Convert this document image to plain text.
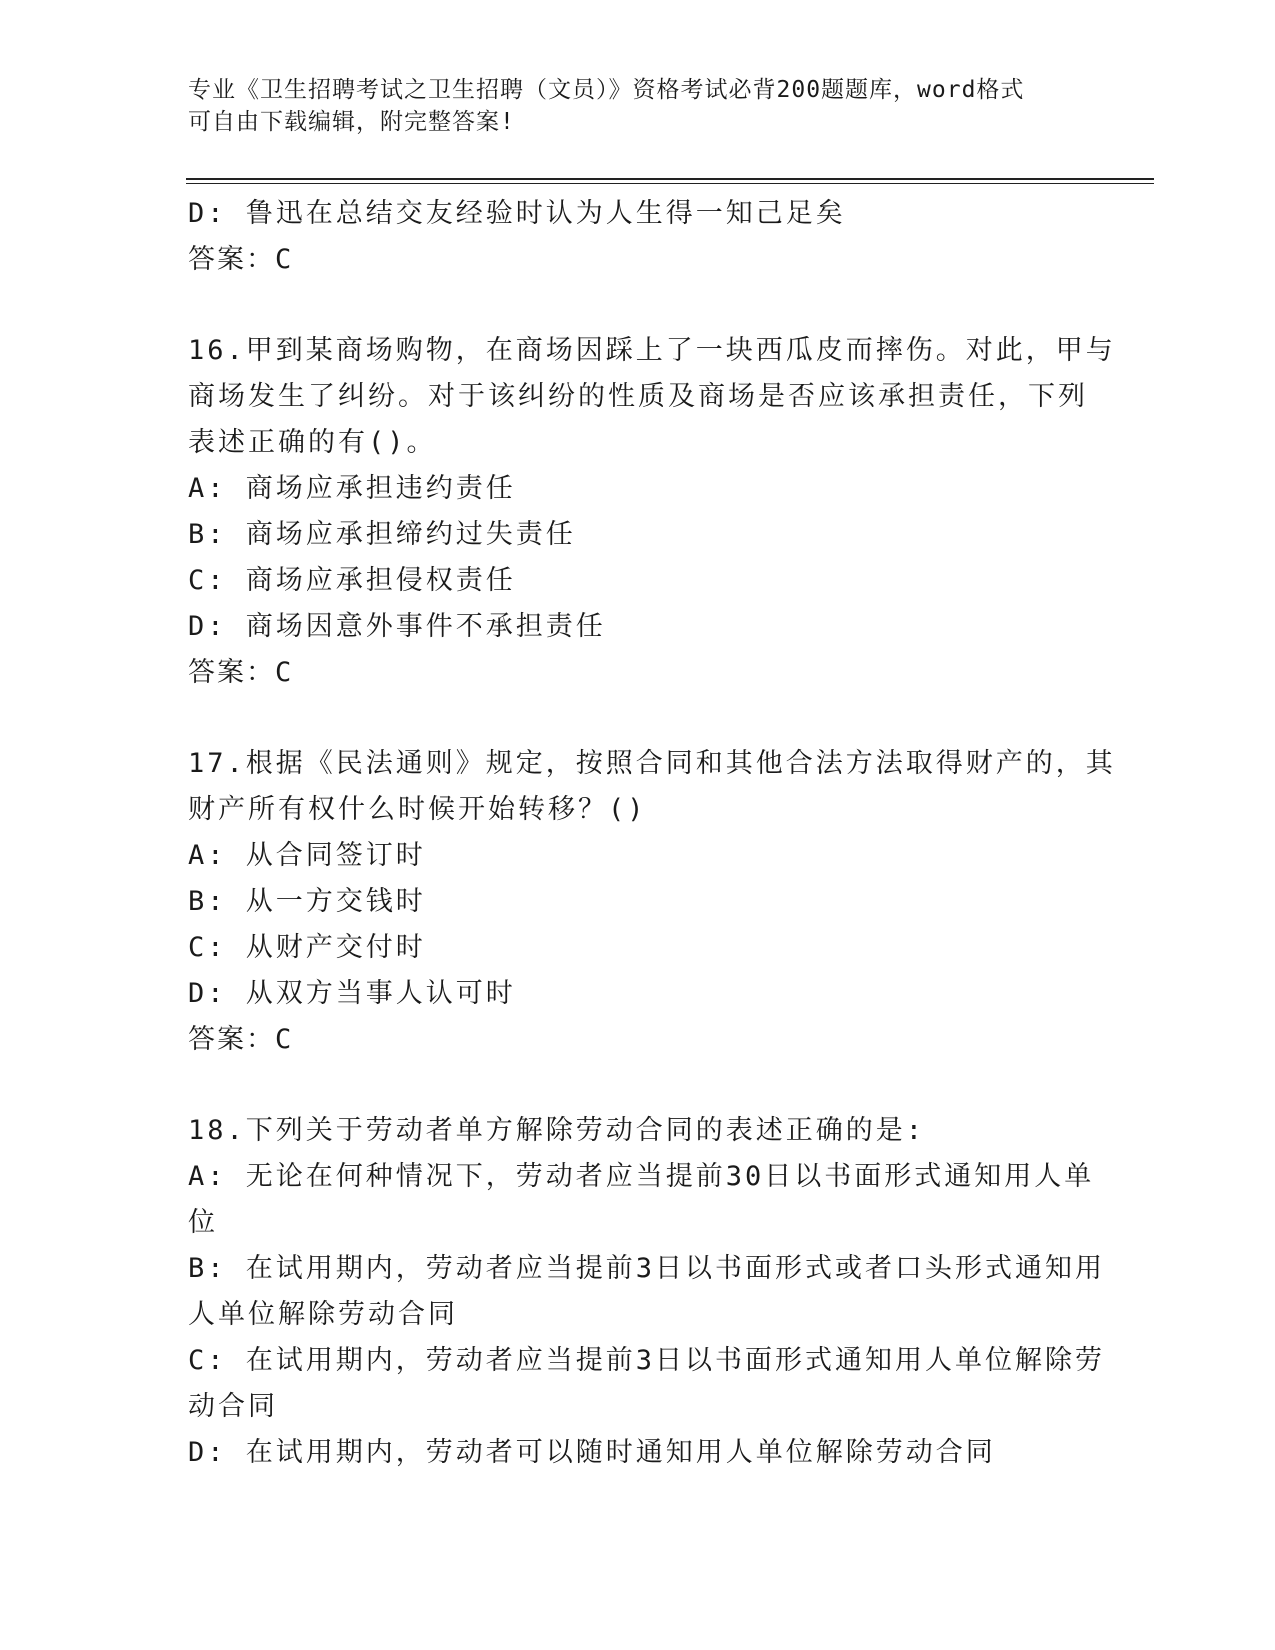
专业《卫生招聘考试之卫生招聘（文员）》资格考试必背200题题库，word格式
可自由下载编辑，附完整答案!
D: 鲁迅在总结交友经验时认为人生得一知己足矣
答案：C
16.甲到某商场购物，在商场因踩上了一块西瓜皮而摔伤。对此，甲与
商场发生了纠纷。对于该纠纷的性质及商场是否应该承担责任，下列
表述正确的有()。
A: 商场应承担违约责任
B: 商场应承担缔约过失责任
C: 商场应承担侵权责任
D: 商场因意外事件不承担责任
答案：C
17.根据《民法通则》规定，按照合同和其他合法方法取得财产的，其
财产所有权什么时候开始转移？()
A: 从合同签订时
B: 从一方交钱时
C: 从财产交付时
D: 从双方当事人认可时
答案：C
18.下列关于劳动者单方解除劳动合同的表述正确的是:
A: 无论在何种情况下，劳动者应当提前30日以书面形式通知用人单
位
B: 在试用期内，劳动者应当提前3日以书面形式或者口头形式通知用
人单位解除劳动合同
C: 在试用期内，劳动者应当提前3日以书面形式通知用人单位解除劳
动合同
D: 在试用期内，劳动者可以随时通知用人单位解除劳动合同
